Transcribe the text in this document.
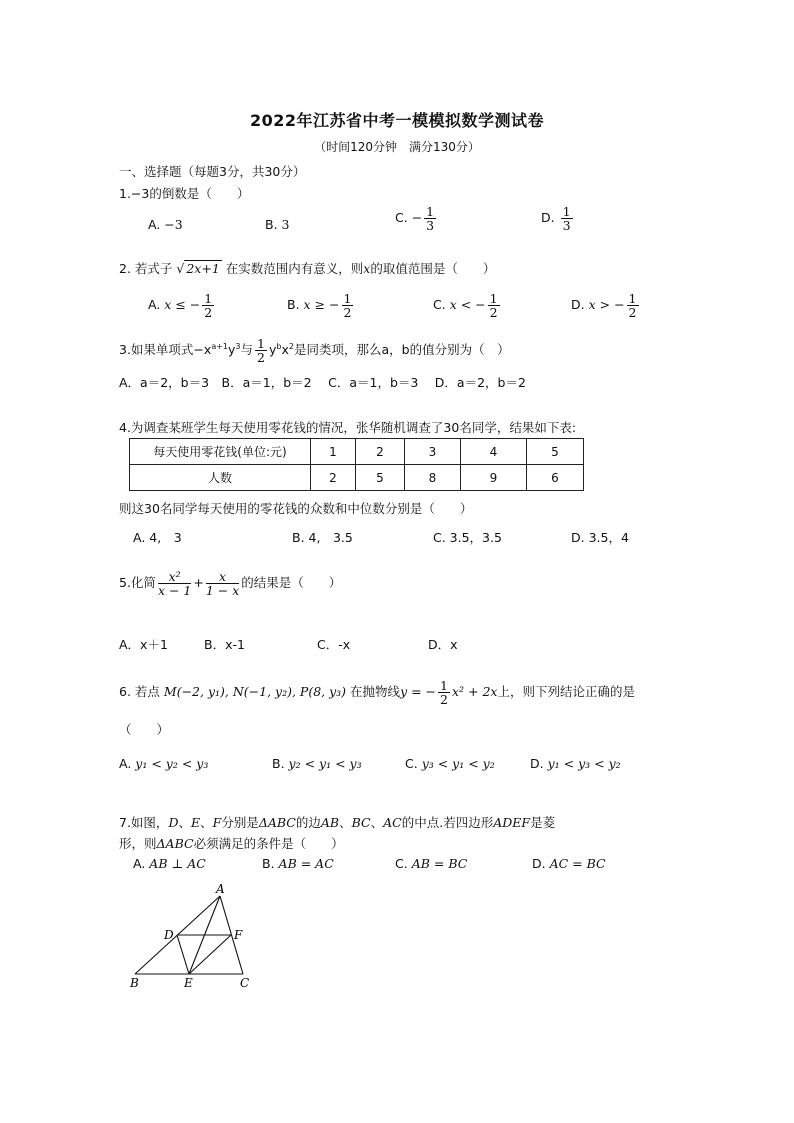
2022年江苏省中考一模模拟数学测试卷
（时间120分钟　满分130分）
一、选择题（每题3分，共30分）
1.−3的倒数是（　　）
A. −3	B. 3	C. − $\frac{1}{3}$	D. $\frac{1}{3}$
2. 若式子 √ 2x+1 在实数范围内有意义，则x的取值范围是（　　）
A. x ≤ − $\frac{1}{2}$	B. x ≥ − $\frac{1}{2}$	C. x < − $\frac{1}{2}$	D. x > − $\frac{1}{2}$
3.如果单项式$-x^{a+1}y^3$与 $\frac{1}{2} y^bx^2$是同类项，那么a，b的值分别为（　）
A．a＝2，b＝3　B．a＝1，b＝2　 C．a＝1，b＝3　 D．a＝2，b＝2
4.为调查某班学生每天使用零花钱的情况，张华随机调查了30名同学，结果如下表:
每天使用零花钱(单位:元)	1	2	3	4	5
人数	2	5	8	9	6
则这30名同学每天使用的零花钱的众数和中位数分别是（　　）
A. 4,　3	B. 4,　3.5	C. 3.5，3.5	D. 3.5，4
5.化简 $\frac{\text{x²}}{x - 1} + \frac{x}{1 - x}$ 的结果是（　　）
A．x＋1	B．x-1	C．-x	D．x
6. 若点 M(−2, y₁), N(−1, y₂), P(8, y₃) 在抛物线y = − $\frac{1}{2} x^2 + 2x$上，则下列结论正确的是
（　　）
A. y₁ < y₂ < y₃	B. y₂ < y₁ < y₃	C. y₃ < y₁ < y₂	D. y₁ < y₃ < y₂
7.如图，D、E、F分别是ΔABC的边AB、BC、AC的中点.若四边形ADEF是菱
形，则ΔABC必须满足的条件是（　　）
A. AB ⊥ AC	B. AB = AC	C. AB = BC	D. AC = BC
A
D	F
B	E	C
